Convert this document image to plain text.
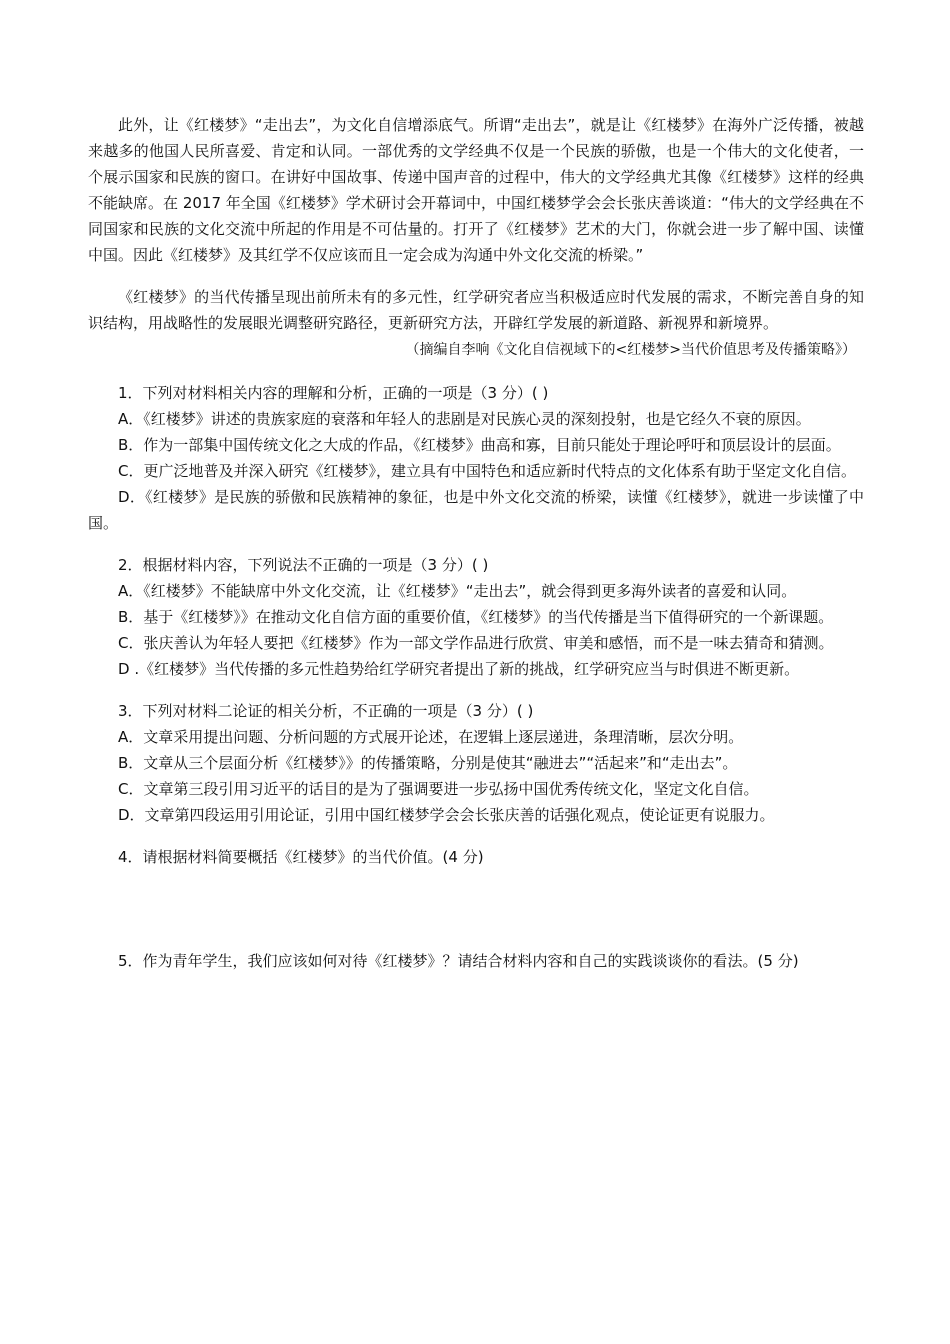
此外，让《红楼梦》“走出去”，为文化自信增添底气。所谓“走出去”，就是让《红楼梦》在海外广泛传播，被越来越多的他国人民所喜爱、肯定和认同。一部优秀的文学经典不仅是一个民族的骄傲，也是一个伟大的文化使者，一个展示国家和民族的窗口。在讲好中国故事、传递中国声音的过程中，伟大的文学经典尤其像《红楼梦》这样的经典不能缺席。在 2017 年全国《红楼梦》学术研讨会开幕词中，中国红楼梦学会会长张庆善谈道：“伟大的文学经典在不同国家和民族的文化交流中所起的作用是不可估量的。打开了《红楼梦》艺术的大门，你就会进一步了解中国、读懂中国。因此《红楼梦》及其红学不仅应该而且一定会成为沟通中外文化交流的桥梁。”

《红楼梦》的当代传播呈现出前所未有的多元性，红学研究者应当积极适应时代发展的需求，不断完善自身的知识结构，用战略性的发展眼光调整研究路径，更新研究方法，开辟红学发展的新道路、新视界和新境界。

（摘编自李响《文化自信视域下的<红楼梦>当代价值思考及传播策略》）

1．下列对材料相关内容的理解和分析，正确的一项是（3 分）( )

A．《红楼梦》讲述的贵族家庭的衰落和年轻人的悲剧是对民族心灵的深刻投射，也是它经久不衰的原因。

B．作为一部集中国传统文化之大成的作品，《红楼梦》曲高和寡，目前只能处于理论呼吁和顶层设计的层面。

C．更广泛地普及并深入研究《红楼梦》，建立具有中国特色和适应新时代特点的文化体系有助于坚定文化自信。

D．《红楼梦》是民族的骄傲和民族精神的象征，也是中外文化交流的桥梁，读懂《红楼梦》，就进一步读懂了中国。

2．根据材料内容，下列说法不正确的一项是（3 分）( )

A．《红楼梦》不能缺席中外文化交流，让《红楼梦》“走出去”，就会得到更多海外读者的喜爱和认同。

B．基于《红楼梦》》在推动文化自信方面的重要价值，《红楼梦》的当代传播是当下值得研究的一个新课题。

C．张庆善认为年轻人要把《红楼梦》作为一部文学作品进行欣赏、审美和感悟，而不是一味去猜奇和猜测。

D .《红楼梦》当代传播的多元性趋势给红学研究者提出了新的挑战，红学研究应当与时俱进不断更新。

3．下列对材料二论证的相关分析，不正确的一项是（3 分）( )

A．文章采用提出问题、分析问题的方式展开论述，在逻辑上逐层递进，条理清晰，层次分明。

B．文章从三个层面分析《红楼梦》》的传播策略，分别是使其“融进去”“活起来”和“走出去”。

C．文章第三段引用习近平的话目的是为了强调要进一步弘扬中国优秀传统文化，坚定文化自信。

D．文章第四段运用引用论证，引用中国红楼梦学会会长张庆善的话强化观点，使论证更有说服力。

4．请根据材料简要概括《红楼梦》的当代价值。(4 分)

5．作为青年学生，我们应该如何对待《红楼梦》？请结合材料内容和自己的实践谈谈你的看法。(5 分)
